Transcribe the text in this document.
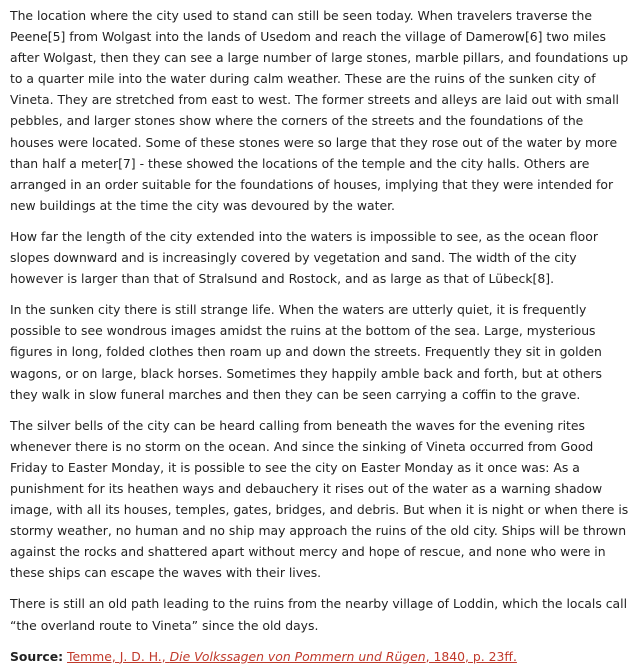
The location where the city used to stand can still be seen today. When travelers traverse the Peene[5] from Wolgast into the lands of Usedom and reach the village of Damerow[6] two miles after Wolgast, then they can see a large number of large stones, marble pillars, and foundations up to a quarter mile into the water during calm weather. These are the ruins of the sunken city of Vineta. They are stretched from east to west. The former streets and alleys are laid out with small pebbles, and larger stones show where the corners of the streets and the foundations of the houses were located. Some of these stones were so large that they rose out of the water by more than half a meter[7] - these showed the locations of the temple and the city halls. Others are arranged in an order suitable for the foundations of houses, implying that they were intended for new buildings at the time the city was devoured by the water.

How far the length of the city extended into the waters is impossible to see, as the ocean floor slopes downward and is increasingly covered by vegetation and sand. The width of the city however is larger than that of Stralsund and Rostock, and as large as that of Lübeck[8].

In the sunken city there is still strange life. When the waters are utterly quiet, it is frequently possible to see wondrous images amidst the ruins at the bottom of the sea. Large, mysterious figures in long, folded clothes then roam up and down the streets. Frequently they sit in golden wagons, or on large, black horses. Sometimes they happily amble back and forth, but at others they walk in slow funeral marches and then they can be seen carrying a coffin to the grave.

The silver bells of the city can be heard calling from beneath the waves for the evening rites whenever there is no storm on the ocean. And since the sinking of Vineta occurred from Good Friday to Easter Monday, it is possible to see the city on Easter Monday as it once was: As a punishment for its heathen ways and debauchery it rises out of the water as a warning shadow image, with all its houses, temples, gates, bridges, and debris. But when it is night or when there is stormy weather, no human and no ship may approach the ruins of the old city. Ships will be thrown against the rocks and shattered apart without mercy and hope of rescue, and none who were in these ships can escape the waves with their lives.

There is still an old path leading to the ruins from the nearby village of Loddin, which the locals call “the overland route to Vineta” since the old days.

Source: Temme, J. D. H., Die Volkssagen von Pommern und Rügen, 1840, p. 23ff.
